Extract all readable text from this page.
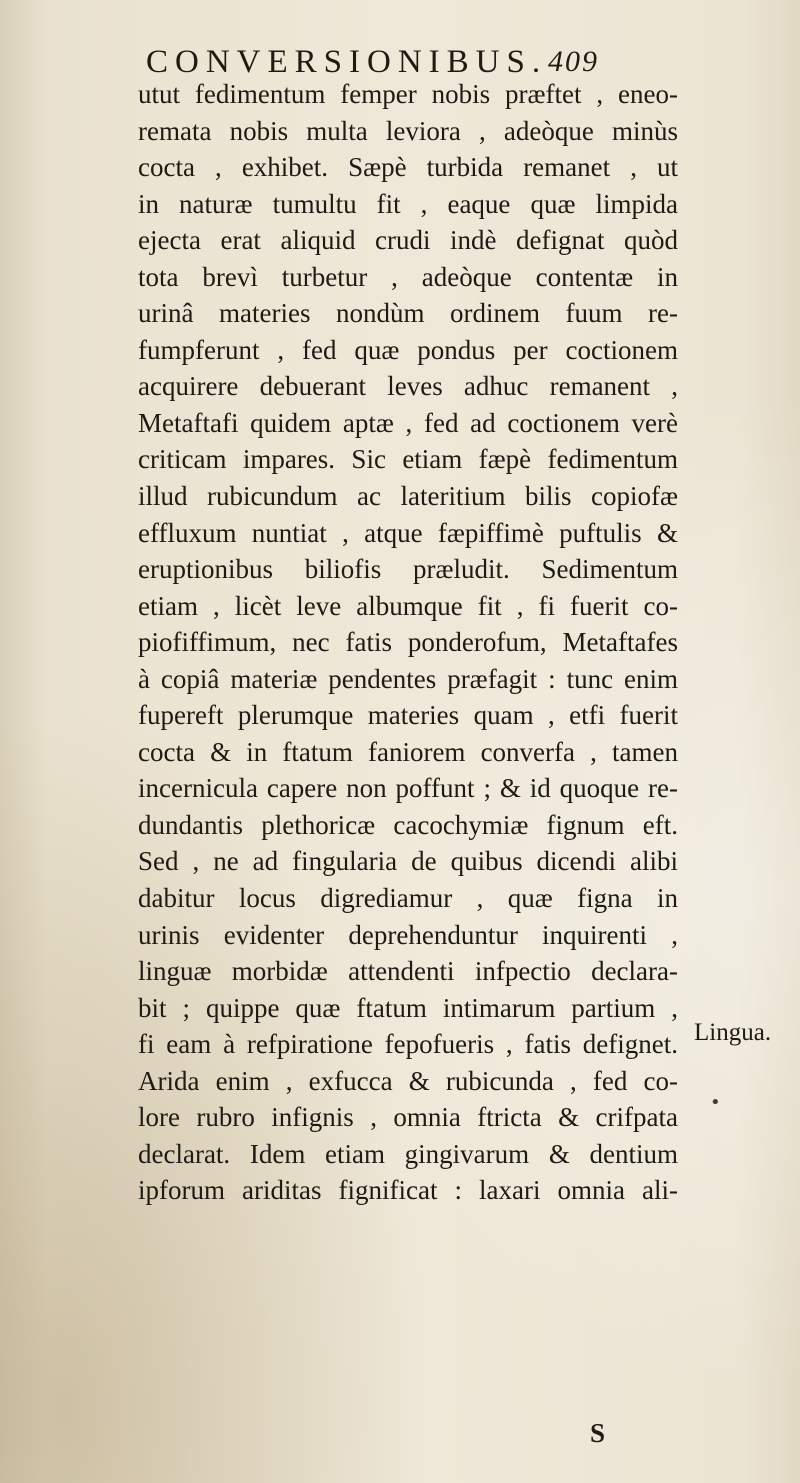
CONVERSIONIBUS. 409
utut fedimentum femper nobis præftet , eneo-
remata nobis multa leviora , adeòque minùs
cocta , exhibet. Sæpè turbida remanet , ut
in naturæ tumultu fit , eaque quæ limpida
ejecta erat aliquid crudi indè defignat quòd
tota brevì turbetur , adeòque contentæ in
urinâ materies nondùm ordinem fuum re-
fumpferunt , fed quæ pondus per coctionem
acquirere debuerant leves adhuc remanent ,
Metaftafi quidem aptæ , fed ad coctionem verè
criticam impares. Sic etiam fæpè fedimentum
illud rubicundum ac lateritium bilis copiofæ
effluxum nuntiat , atque fæpiffimè puftulis &
eruptionibus biliofis præludit. Sedimentum
etiam , licèt leve albumque fit , fi fuerit co-
piofiffimum, nec fatis ponderofum, Metaftafes
à copiâ materiæ pendentes præfagit : tunc enim
fupereft plerumque materies quam , etfi fuerit
cocta & in ftatum faniorem converfa , tamen
incernicula capere non poffunt ; & id quoque re-
dundantis plethoricæ cacochymiæ fignum eft.
Sed , ne ad fingularia de quibus dicendi alibi
dabitur locus digrediamur , quæ figna in
urinis evidenter deprehenduntur inquirenti ,
linguæ morbidæ attendenti infpectio declara-
bit ; quippe quæ ftatum intimarum partium ,
fi eam à refpiratione fepofueris , fatis defignet.
Arida enim , exfucca & rubicunda , fed co-
lore rubro infignis , omnia ftricta & crifpata
declarat. Idem etiam gingivarum & dentium
ipforum ariditas fignificat : laxari omnia ali-
S
Lingua.
•
